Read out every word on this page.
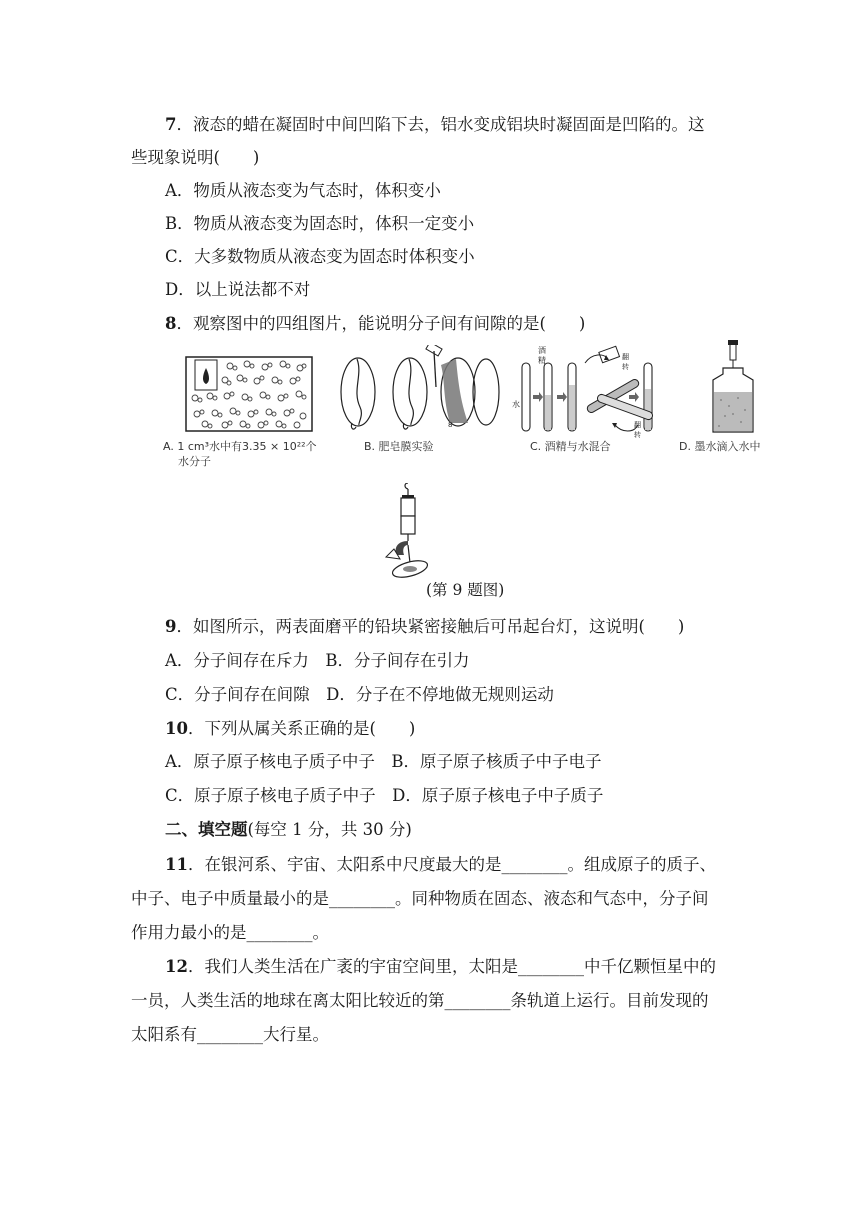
7．液态的蜡在凝固时中间凹陷下去，铝水变成铝块时凝固面是凹陷的。这
些现象说明(　　)
A．物质从液态变为气态时，体积变小
B．物质从液态变为固态时，体积一定变小
C．大多数物质从液态变为固态时体积变小
D．以上说法都不对
8．观察图中的四组图片，能说明分子间有间隙的是(　　)
A. 1 cm³水中有3.35 × 10²²个
水分子
8
B. 肥皂膜实验
酒
精
水
翻
转
翻
转
C. 酒精与水混合	D. 墨水滴入水中
(第 9 题图)
9．如图所示，两表面磨平的铅块紧密接触后可吊起台灯，这说明(　　)
A．分子间存在斥力　B．分子间存在引力
C．分子间存在间隙　D．分子在不停地做无规则运动
10．下列从属关系正确的是(　　)
A．原子原子核电子质子中子　B．原子原子核质子中子电子
C．原子原子核电子质子中子　D．原子原子核电子中子质子
二、填空题(每空 1 分，共 30 分)
11．在银河系、宇宙、太阳系中尺度最大的是________。组成原子的质子、
中子、电子中质量最小的是________。同种物质在固态、液态和气态中，分子间
作用力最小的是________。
12．我们人类生活在广袤的宇宙空间里，太阳是________中千亿颗恒星中的
一员，人类生活的地球在离太阳比较近的第________条轨道上运行。目前发现的
太阳系有________大行星。
